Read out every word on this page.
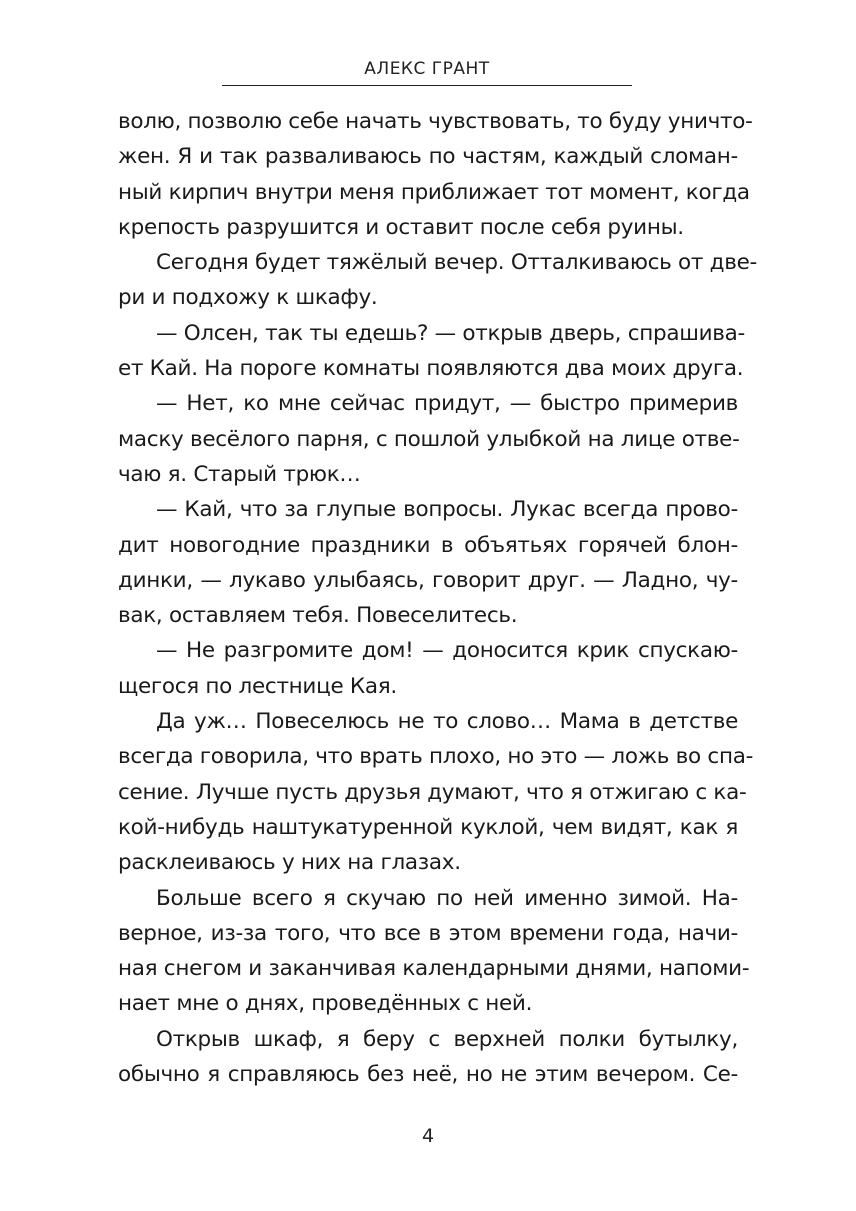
АЛЕКС ГРАНТ
волю, позволю себе начать чувствовать, то буду уничто-
жен. Я и так разваливаюсь по частям, каждый сломан-
ный кирпич внутри меня приближает тот момент, когда
крепость разрушится и оставит после себя руины.
Сегодня будет тяжёлый вечер. Отталкиваюсь от две-
ри и подхожу к шкафу.
— Олсен, так ты едешь? — открыв дверь, спрашива-
ет Кай. На пороге комнаты появляются два моих друга.
— Нет, ко мне сейчас придут, — быстро примерив
маску весёлого парня, с пошлой улыбкой на лице отве-
чаю я. Старый трюк…
— Кай, что за глупые вопросы. Лукас всегда прово-
дит новогодние праздники в объятьях горячей блон-
динки, — лукаво улыбаясь, говорит друг. — Ладно, чу-
вак, оставляем тебя. Повеселитесь.
— Не разгромите дом! — доносится крик спускаю-
щегося по лестнице Кая.
Да уж… Повеселюсь не то слово… Мама в детстве
всегда говорила, что врать плохо, но это — ложь во спа-
сение. Лучше пусть друзья думают, что я отжигаю с ка-
кой-нибудь наштукатуренной куклой, чем видят, как я
расклеиваюсь у них на глазах.
Больше всего я скучаю по ней именно зимой. На-
верное, из-за того, что все в этом времени года, начи-
ная снегом и заканчивая календарными днями, напоми-
нает мне о днях, проведённых с ней.
Открыв шкаф, я беру с верхней полки бутылку,
обычно я справляюсь без неё, но не этим вечером. Се-
4
